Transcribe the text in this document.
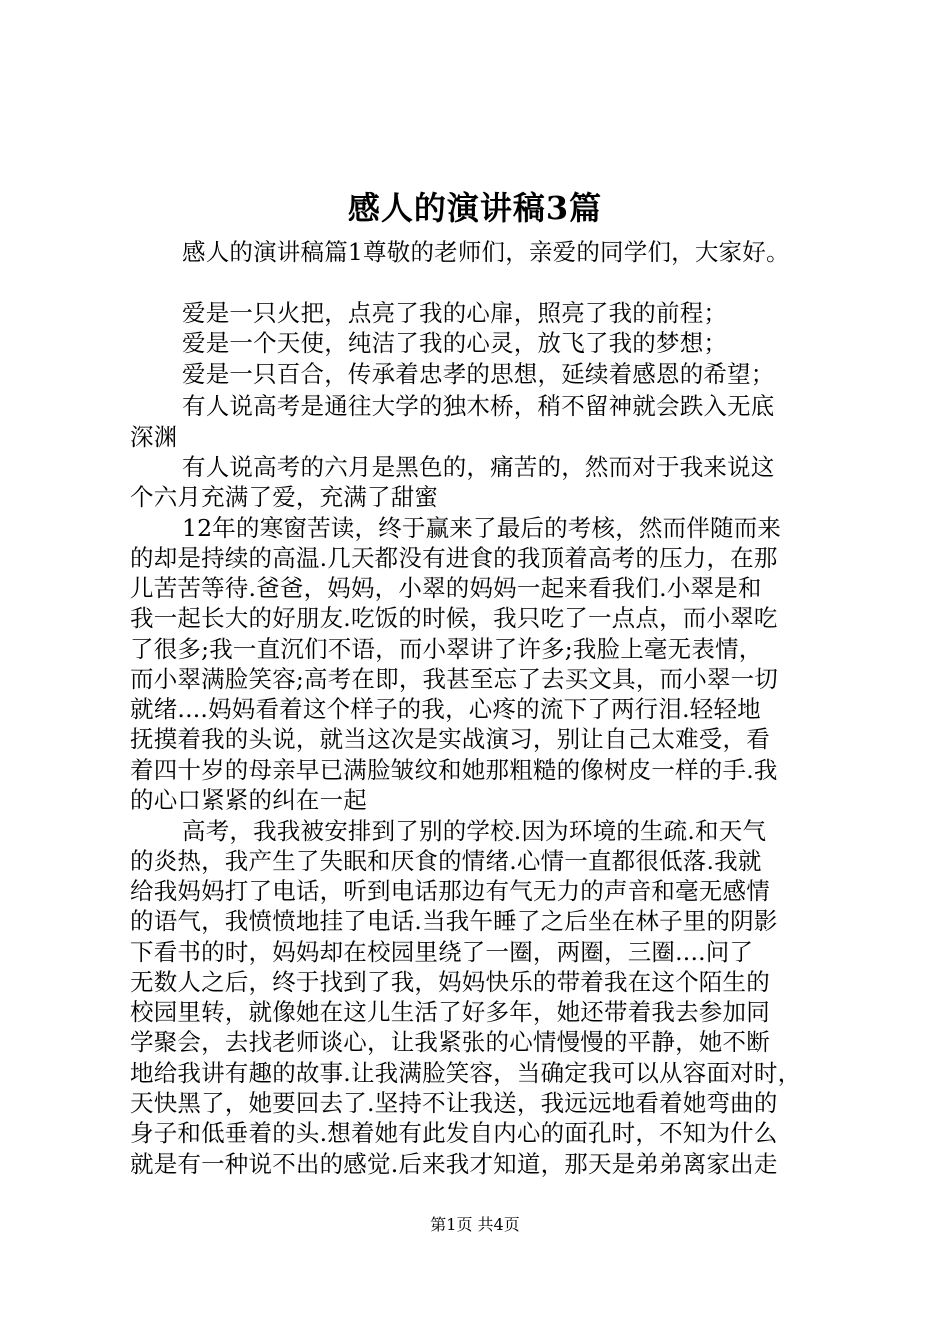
感人的演讲稿3篇
感人的演讲稿篇1尊敬的老师们，亲爱的同学们，大家好。
爱是一只火把，点亮了我的心扉，照亮了我的前程；
爱是一个天使，纯洁了我的心灵，放飞了我的梦想；
爱是一只百合，传承着忠孝的思想，延续着感恩的希望；
有人说高考是通往大学的独木桥，稍不留神就会跌入无底
深渊
有人说高考的六月是黑色的，痛苦的，然而对于我来说这
个六月充满了爱，充满了甜蜜
12年的寒窗苦读，终于赢来了最后的考核，然而伴随而来
的却是持续的高温.几天都没有进食的我顶着高考的压力，在那
儿苦苦等待.爸爸，妈妈，小翠的妈妈一起来看我们.小翠是和
我一起长大的好朋友.吃饭的时候，我只吃了一点点，而小翠吃
了很多;我一直沉们不语，而小翠讲了许多;我脸上毫无表情，
而小翠满脸笑容;高考在即，我甚至忘了去买文具，而小翠一切
就绪....妈妈看着这个样子的我，心疼的流下了两行泪.轻轻地
抚摸着我的头说，就当这次是实战演习，别让自己太难受，看
着四十岁的母亲早已满脸皱纹和她那粗糙的像树皮一样的手.我
的心口紧紧的纠在一起
高考，我我被安排到了别的学校.因为环境的生疏.和天气
的炎热，我产生了失眠和厌食的情绪.心情一直都很低落.我就
给我妈妈打了电话，听到电话那边有气无力的声音和毫无感情
的语气，我愤愤地挂了电话.当我午睡了之后坐在林子里的阴影
下看书的时，妈妈却在校园里绕了一圈，两圈，三圈....问了
无数人之后，终于找到了我，妈妈快乐的带着我在这个陌生的
校园里转，就像她在这儿生活了好多年，她还带着我去参加同
学聚会，去找老师谈心，让我紧张的心情慢慢的平静，她不断
地给我讲有趣的故事.让我满脸笑容，当确定我可以从容面对时，
天快黑了，她要回去了.坚持不让我送，我远远地看着她弯曲的
身子和低垂着的头.想着她有此发自内心的面孔时，不知为什么
就是有一种说不出的感觉.后来我才知道，那天是弟弟离家出走
第1页 共4页
